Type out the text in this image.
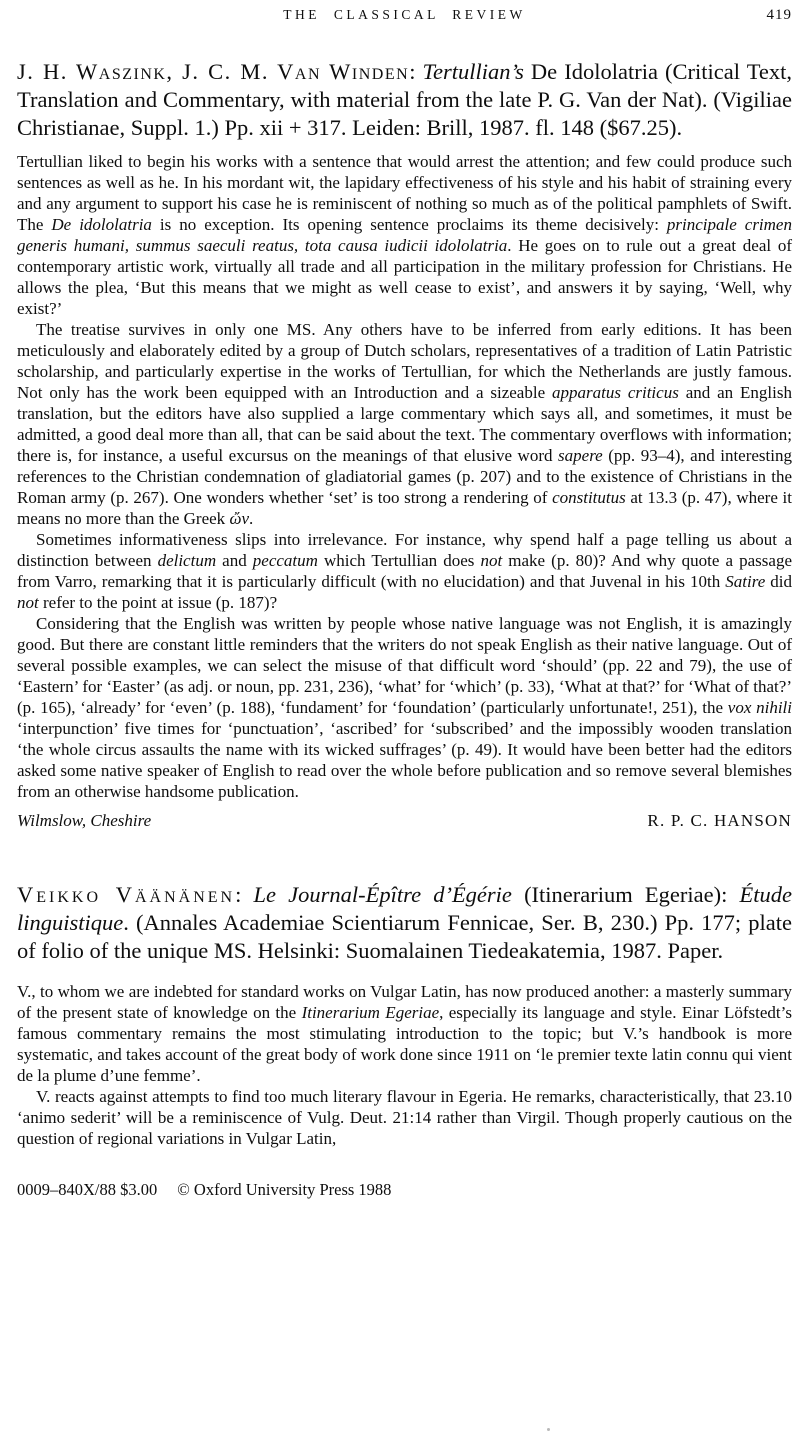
THE CLASSICAL REVIEW	419
J. H. Waszink, J. C. M. Van Winden: Tertullian’s De Idololatria (Critical Text, Translation and Commentary, with material from the late P. G. Van der Nat). (Vigiliae Christianae, Suppl. 1.) Pp. xii + 317. Leiden: Brill, 1987. fl. 148 ($67.25).

Tertullian liked to begin his works with a sentence that would arrest the attention; and few could produce such sentences as well as he. In his mordant wit, the lapidary effectiveness of his style and his habit of straining every and any argument to support his case he is reminiscent of nothing so much as of the political pamphlets of Swift. The De idololatria is no exception. Its opening sentence proclaims its theme decisively: principale crimen generis humani, summus saeculi reatus, tota causa iudicii idololatria. He goes on to rule out a great deal of contemporary artistic work, virtually all trade and all participation in the military profession for Christians. He allows the plea, ‘But this means that we might as well cease to exist’, and answers it by saying, ‘Well, why exist?’

The treatise survives in only one MS. Any others have to be inferred from early editions. It has been meticulously and elaborately edited by a group of Dutch scholars, representatives of a tradition of Latin Patristic scholarship, and particularly expertise in the works of Tertullian, for which the Netherlands are justly famous. Not only has the work been equipped with an Introduction and a sizeable apparatus criticus and an English translation, but the editors have also supplied a large commentary which says all, and sometimes, it must be admitted, a good deal more than all, that can be said about the text. The commentary overflows with information; there is, for instance, a useful excursus on the meanings of that elusive word sapere (pp. 93–4), and interesting references to the Christian condemnation of gladiatorial games (p. 207) and to the existence of Christians in the Roman army (p. 267). One wonders whether ‘set’ is too strong a rendering of constitutus at 13.3 (p. 47), where it means no more than the Greek ὤν.

Sometimes informativeness slips into irrelevance. For instance, why spend half a page telling us about a distinction between delictum and peccatum which Tertullian does not make (p. 80)? And why quote a passage from Varro, remarking that it is particularly difficult (with no elucidation) and that Juvenal in his 10th Satire did not refer to the point at issue (p. 187)?

Considering that the English was written by people whose native language was not English, it is amazingly good. But there are constant little reminders that the writers do not speak English as their native language. Out of several possible examples, we can select the misuse of that difficult word ‘should’ (pp. 22 and 79), the use of ‘Eastern’ for ‘Easter’ (as adj. or noun, pp. 231, 236), ‘what’ for ‘which’ (p. 33), ‘What at that?’ for ‘What of that?’ (p. 165), ‘already’ for ‘even’ (p. 188), ‘fundament’ for ‘foundation’ (particularly unfortunate!, 251), the vox nihili ‘interpunction’ five times for ‘punctuation’, ‘ascribed’ for ‘subscribed’ and the impossibly wooden translation ‘the whole circus assaults the name with its wicked suffrages’ (p. 49). It would have been better had the editors asked some native speaker of English to read over the whole before publication and so remove several blemishes from an otherwise handsome publication.

Wilmslow, Cheshire	R. P. C. HANSON
Veikko Väänänen: Le Journal-Épître d’Égérie (Itinerarium Egeriae): Étude linguistique. (Annales Academiae Scientiarum Fennicae, Ser. B, 230.) Pp. 177; plate of folio of the unique MS. Helsinki: Suomalainen Tiedeakatemia, 1987. Paper.

V., to whom we are indebted for standard works on Vulgar Latin, has now produced another: a masterly summary of the present state of knowledge on the Itinerarium Egeriae, especially its language and style. Einar Löfstedt’s famous commentary remains the most stimulating introduction to the topic; but V.’s handbook is more systematic, and takes account of the great body of work done since 1911 on ‘le premier texte latin connu qui vient de la plume d’une femme’.

V. reacts against attempts to find too much literary flavour in Egeria. He remarks, characteristically, that 23.10 ‘animo sederit’ will be a reminiscence of Vulg. Deut. 21:14 rather than Virgil. Though properly cautious on the question of regional variations in Vulgar Latin,

0009–840X/88 $3.00 © Oxford University Press 1988
